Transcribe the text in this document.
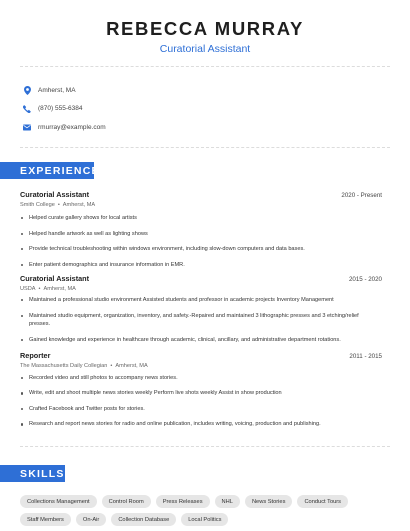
REBECCA MURRAY
Curatorial Assistant
Amherst, MA
(870) 555-6384
rmurray@example.com
EXPERIENCE
Curatorial Assistant	2020 - Present
Smith College • Amherst, MA
Helped curate gallery shows for local artists
Helped handle artwork as well as lighting shows
Provide technical troubleshooting within windows environment, including slow-down computers and data bases.
Enter patient demographics and insurance information in EMR.
Curatorial Assistant	2015 - 2020
USDA • Amherst, MA
Maintained a professional studio environment Assisted students and professor in academic projects Inventory Management
Maintained studio equipment, organization, inventory, and safety.-Repaired and maintained 3 lithographic presses and 3 etching/relief presses.
Gained knowledge and experience in healthcare through academic, clinical, ancillary, and administrative department rotations.
Reporter	2011 - 2015
The Massachusetts Daily Collegian • Amherst, MA
Recorded video and still photos to accompany news stories.
Write, edit and shoot multiple news stories weekly Perform live shots weekly Assist in show production
Crafted Facebook and Twitter posts for stories.
Research and report news stories for radio and online publication, includes writing, voicing, production and publishing.
SKILLS
Collections Management	Control Room	Press Releases	NHL	News Stories	Conduct Tours
Staff Members	On-Air	Collection Database	Local Politics
